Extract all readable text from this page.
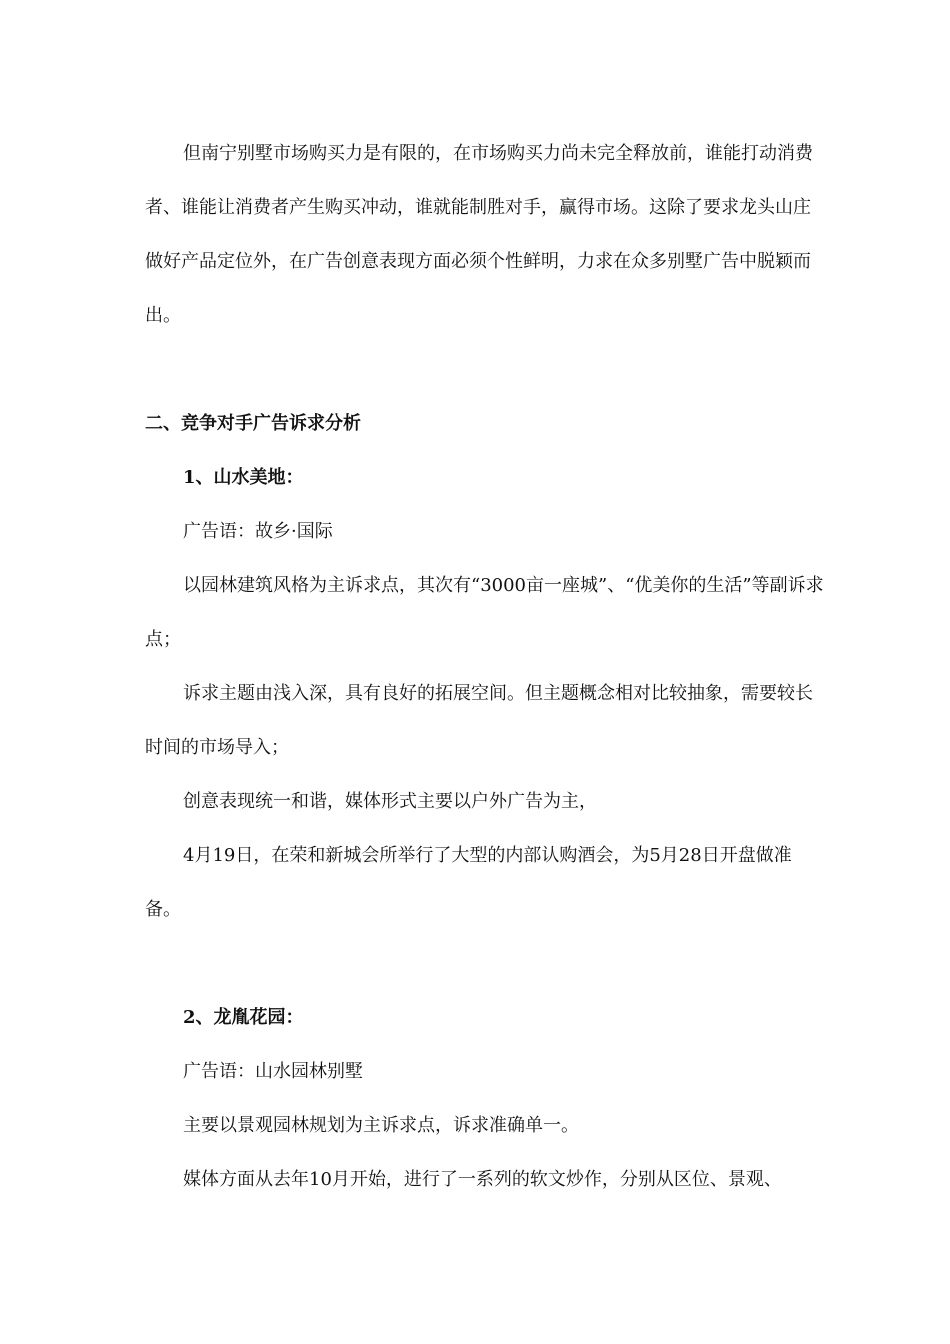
但南宁别墅市场购买力是有限的，在市场购买力尚未完全释放前，谁能打动消费者、谁能让消费者产生购买冲动，谁就能制胜对手，赢得市场。这除了要求龙头山庄做好产品定位外，在广告创意表现方面必须个性鲜明，力求在众多别墅广告中脱颖而出。

二、竞争对手广告诉求分析

1、山水美地：

广告语：故乡·国际

以园林建筑风格为主诉求点，其次有“3000亩一座城”、“优美你的生活”等副诉求点；

诉求主题由浅入深，具有良好的拓展空间。但主题概念相对比较抽象，需要较长时间的市场导入；

创意表现统一和谐，媒体形式主要以户外广告为主，

4月19日，在荣和新城会所举行了大型的内部认购酒会，为5月28日开盘做准备。

2、龙胤花园：

广告语：山水园林别墅

主要以景观园林规划为主诉求点，诉求准确单一。

媒体方面从去年10月开始，进行了一系列的软文炒作，分别从区位、景观、
